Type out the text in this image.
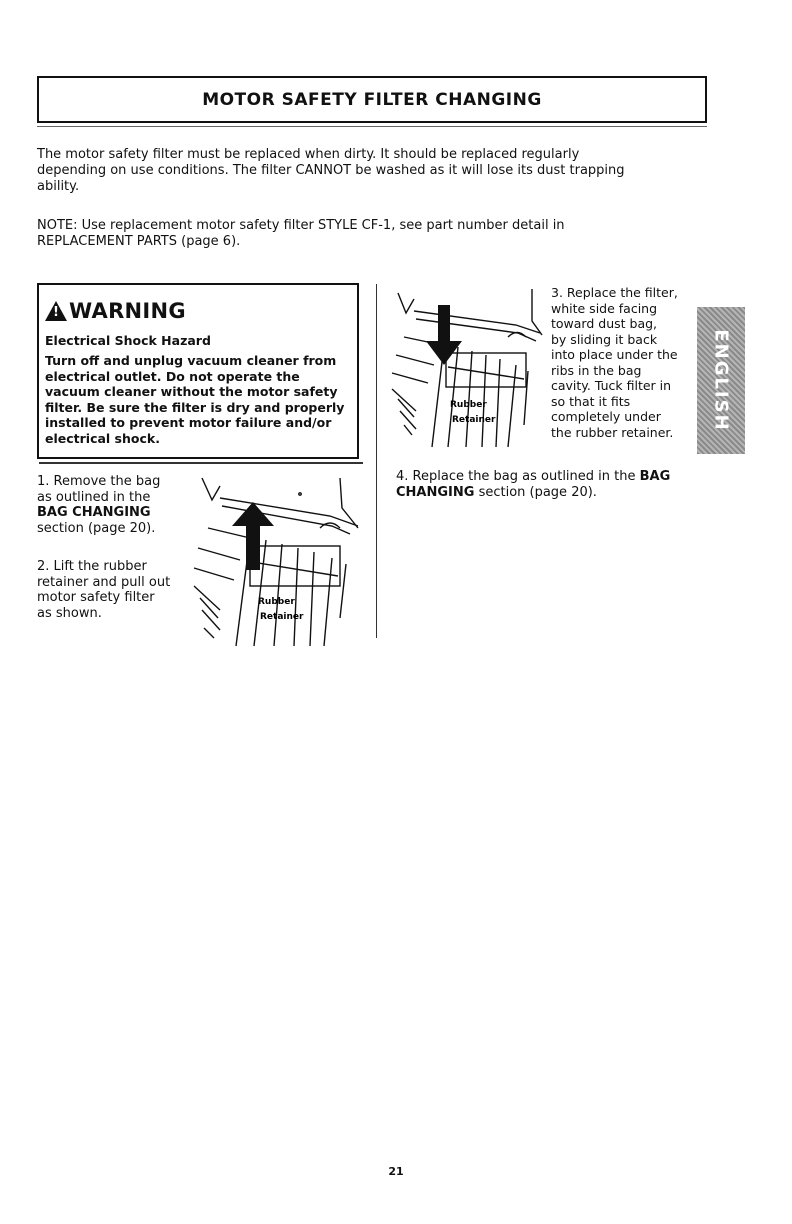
MOTOR SAFETY FILTER CHANGING
The motor safety filter must be replaced when dirty. It should be replaced regularly
depending on use conditions. The filter CANNOT be washed as it will lose its dust trapping
ability.
NOTE: Use replacement motor safety filter STYLE CF-1, see part number detail in
REPLACEMENT PARTS (page 6).
! WARNING
Electrical Shock Hazard
Turn off and unplug vacuum cleaner from
electrical outlet. Do not operate the
vacuum cleaner without the motor safety
filter. Be sure the filter is dry and properly
installed to prevent motor failure and/or
electrical shock.
1. Remove the bag
as outlined in the
BAG CHANGING
section (page 20).
2. Lift the rubber
retainer and pull out
motor safety filter
as shown.
Rubber
Retainer
Rubber
Retainer
3. Replace the filter,
white side facing
toward dust bag,
by sliding it back
into place under the
ribs in the bag
cavity. Tuck filter in
so that it fits
completely under
the rubber retainer.
ENGLISH
4. Replace the bag as outlined in the BAG
CHANGING section (page 20).
21
